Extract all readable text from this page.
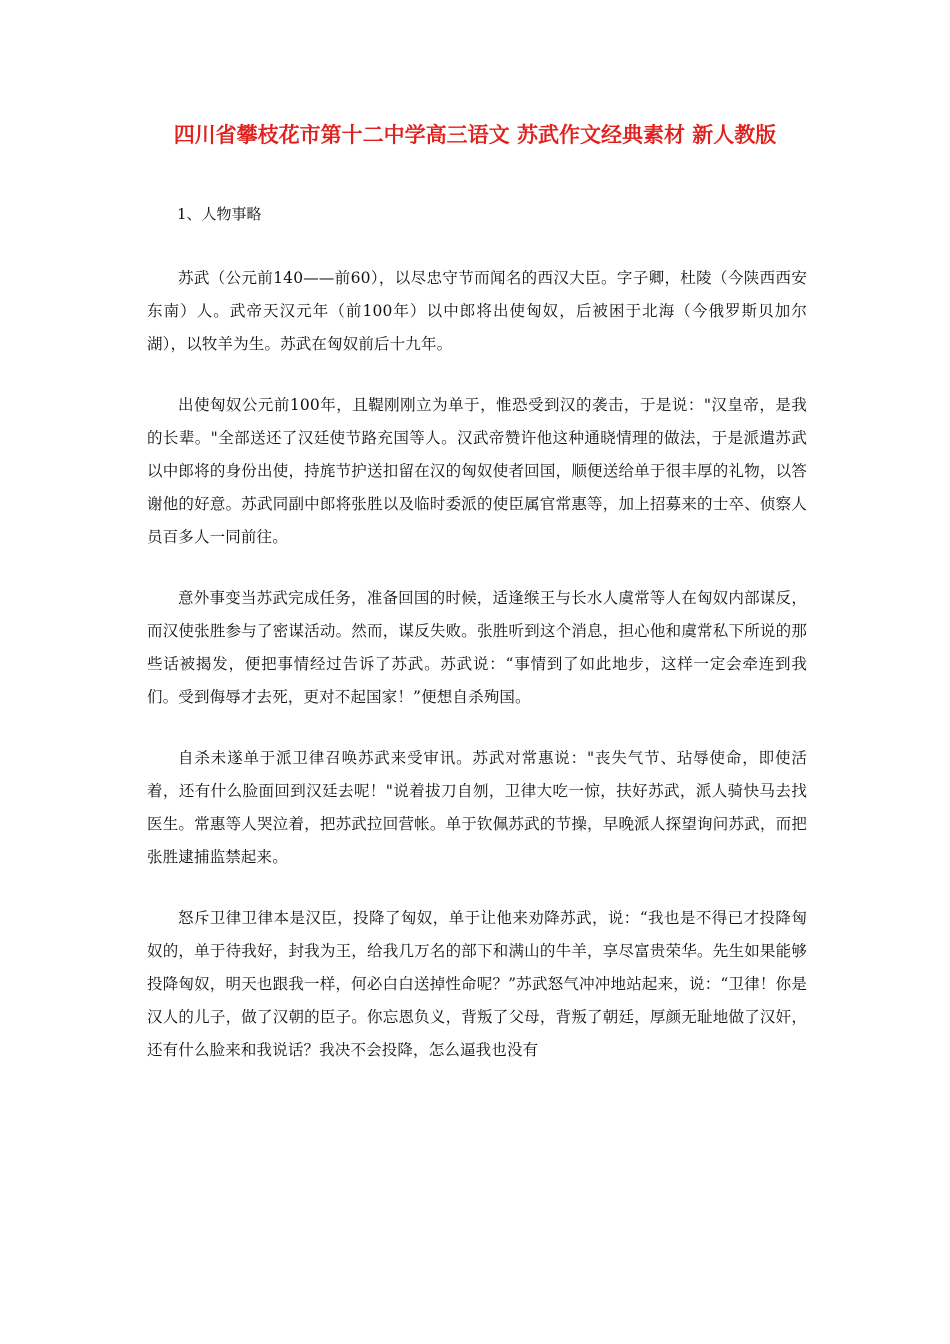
四川省攀枝花市第十二中学高三语文 苏武作文经典素材 新人教版

1、人物事略

苏武（公元前140——前60），以尽忠守节而闻名的西汉大臣。字子卿，杜陵（今陕西西安东南）人。武帝天汉元年（前100年）以中郎将出使匈奴，后被困于北海（今俄罗斯贝加尔湖），以牧羊为生。苏武在匈奴前后十九年。

出使匈奴公元前100年，且鞮刚刚立为单于，惟恐受到汉的袭击，于是说："汉皇帝，是我的长辈。"全部送还了汉廷使节路充国等人。汉武帝赞许他这种通晓情理的做法，于是派遣苏武以中郎将的身份出使，持旄节护送扣留在汉的匈奴使者回国，顺便送给单于很丰厚的礼物，以答谢他的好意。苏武同副中郎将张胜以及临时委派的使臣属官常惠等，加上招募来的士卒、侦察人员百多人一同前往。

意外事变当苏武完成任务，准备回国的时候，适逢缑王与长水人虞常等人在匈奴内部谋反，而汉使张胜参与了密谋活动。然而，谋反失败。张胜听到这个消息，担心他和虞常私下所说的那些话被揭发，便把事情经过告诉了苏武。苏武说：“事情到了如此地步，这样一定会牵连到我们。受到侮辱才去死，更对不起国家！”便想自杀殉国。

自杀未遂单于派卫律召唤苏武来受审讯。苏武对常惠说："丧失气节、玷辱使命，即使活着，还有什么脸面回到汉廷去呢！"说着拔刀自刎，卫律大吃一惊，扶好苏武，派人骑快马去找医生。常惠等人哭泣着，把苏武拉回营帐。单于钦佩苏武的节操，早晚派人探望询问苏武，而把张胜逮捕监禁起来。

怒斥卫律卫律本是汉臣，投降了匈奴，单于让他来劝降苏武，说：“我也是不得已才投降匈奴的，单于待我好，封我为王，给我几万名的部下和满山的牛羊，享尽富贵荣华。先生如果能够投降匈奴，明天也跟我一样，何必白白送掉性命呢？”苏武怒气冲冲地站起来，说：“卫律！你是汉人的儿子，做了汉朝的臣子。你忘恩负义，背叛了父母，背叛了朝廷，厚颜无耻地做了汉奸，还有什么脸来和我说话？我决不会投降，怎么逼我也没有
